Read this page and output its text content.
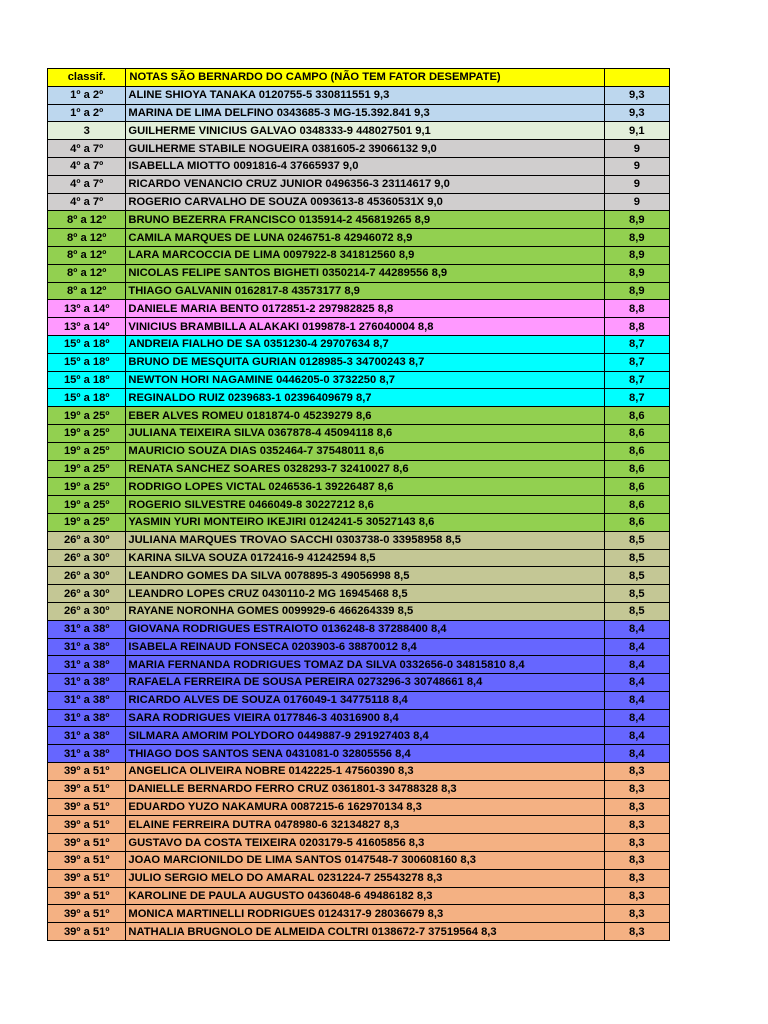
classif.	NOTAS SÃO BERNARDO DO CAMPO (NÃO TEM FATOR DESEMPATE)	
1º a 2º	ALINE SHIOYA TANAKA 0120755-5 330811551 9,3	9,3
1º a 2º	MARINA DE LIMA DELFINO 0343685-3 MG-15.392.841 9,3	9,3
3	GUILHERME VINICIUS GALVAO 0348333-9 448027501 9,1	9,1
4º a 7º	GUILHERME STABILE NOGUEIRA 0381605-2 39066132 9,0	9
4º a 7º	ISABELLA MIOTTO 0091816-4 37665937 9,0	9
4º a 7º	RICARDO VENANCIO CRUZ JUNIOR 0496356-3 23114617 9,0	9
4º a 7º	ROGERIO CARVALHO DE SOUZA 0093613-8 45360531X 9,0	9
8º a 12º	BRUNO BEZERRA FRANCISCO 0135914-2 456819265 8,9	8,9
8º a 12º	CAMILA MARQUES DE LUNA 0246751-8 42946072 8,9	8,9
8º a 12º	LARA MARCOCCIA DE LIMA 0097922-8 341812560 8,9	8,9
8º a 12º	NICOLAS FELIPE SANTOS BIGHETI 0350214-7 44289556 8,9	8,9
8º a 12º	THIAGO GALVANIN 0162817-8 43573177 8,9	8,9
13º a 14º	DANIELE MARIA BENTO 0172851-2 297982825 8,8	8,8
13º a 14º	VINICIUS BRAMBILLA ALAKAKI 0199878-1 276040004 8,8	8,8
15º a 18º	ANDREIA FIALHO DE SA 0351230-4 29707634 8,7	8,7
15º a 18º	BRUNO DE MESQUITA GURIAN 0128985-3 34700243 8,7	8,7
15º a 18º	NEWTON HORI NAGAMINE 0446205-0 3732250 8,7	8,7
15º a 18º	REGINALDO RUIZ 0239683-1 02396409679 8,7	8,7
19º a 25º	EBER ALVES ROMEU 0181874-0 45239279 8,6	8,6
19º a 25º	JULIANA TEIXEIRA SILVA 0367878-4 45094118 8,6	8,6
19º a 25º	MAURICIO SOUZA DIAS 0352464-7 37548011 8,6	8,6
19º a 25º	RENATA SANCHEZ SOARES 0328293-7 32410027 8,6	8,6
19º a 25º	RODRIGO LOPES VICTAL 0246536-1 39226487 8,6	8,6
19º a 25º	ROGERIO SILVESTRE 0466049-8 30227212 8,6	8,6
19º a 25º	YASMIN YURI MONTEIRO IKEJIRI 0124241-5 30527143 8,6	8,6
26º a 30º	JULIANA MARQUES TROVAO SACCHI 0303738-0 33958958 8,5	8,5
26º a 30º	KARINA SILVA SOUZA 0172416-9 41242594 8,5	8,5
26º a 30º	LEANDRO GOMES DA SILVA 0078895-3 49056998 8,5	8,5
26º a 30º	LEANDRO LOPES CRUZ 0430110-2 MG 16945468 8,5	8,5
26º a 30º	RAYANE NORONHA GOMES 0099929-6 466264339 8,5	8,5
31º a 38º	GIOVANA RODRIGUES ESTRAIOTO 0136248-8 37288400 8,4	8,4
31º a 38º	ISABELA REINAUD FONSECA 0203903-6 38870012 8,4	8,4
31º a 38º	MARIA FERNANDA RODRIGUES TOMAZ DA SILVA 0332656-0 34815810 8,4	8,4
31º a 38º	RAFAELA FERREIRA DE SOUSA PEREIRA 0273296-3 30748661 8,4	8,4
31º a 38º	RICARDO ALVES DE SOUZA 0176049-1 34775118 8,4	8,4
31º a 38º	SARA RODRIGUES VIEIRA 0177846-3 40316900 8,4	8,4
31º a 38º	SILMARA AMORIM POLYDORO 0449887-9 291927403 8,4	8,4
31º a 38º	THIAGO DOS SANTOS SENA 0431081-0 32805556 8,4	8,4
39º a 51º	ANGELICA OLIVEIRA NOBRE 0142225-1 47560390 8,3	8,3
39º a 51º	DANIELLE BERNARDO FERRO CRUZ 0361801-3 34788328 8,3	8,3
39º a 51º	EDUARDO YUZO NAKAMURA 0087215-6 162970134 8,3	8,3
39º a 51º	ELAINE FERREIRA DUTRA 0478980-6 32134827 8,3	8,3
39º a 51º	GUSTAVO DA COSTA TEIXEIRA 0203179-5 41605856 8,3	8,3
39º a 51º	JOAO MARCIONILDO DE LIMA SANTOS 0147548-7 300608160 8,3	8,3
39º a 51º	JULIO SERGIO MELO DO AMARAL 0231224-7 25543278 8,3	8,3
39º a 51º	KAROLINE DE PAULA AUGUSTO 0436048-6 49486182 8,3	8,3
39º a 51º	MONICA MARTINELLI RODRIGUES 0124317-9 28036679 8,3	8,3
39º a 51º	NATHALIA BRUGNOLO DE ALMEIDA COLTRI 0138672-7 37519564 8,3	8,3
